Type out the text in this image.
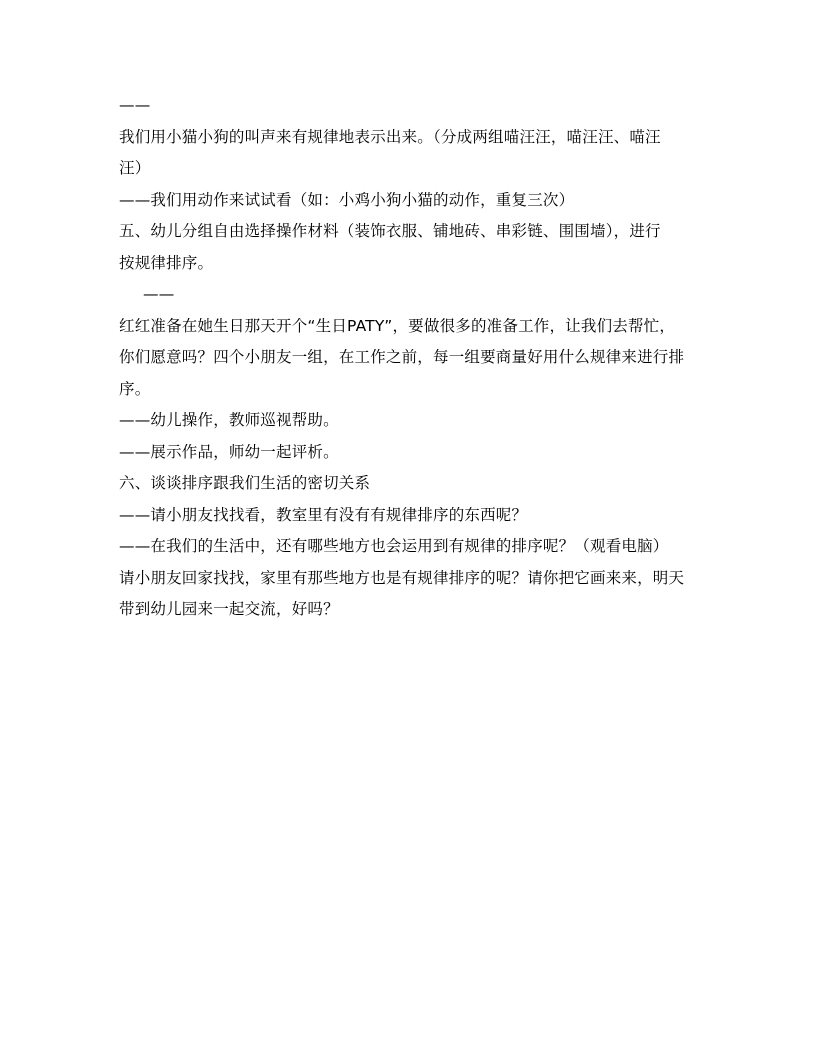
——
我们用小猫小狗的叫声来有规律地表示出来。（分成两组喵汪汪，喵汪汪、喵汪
汪）
——我们用动作来试试看（如：小鸡小狗小猫的动作，重复三次）
五、幼儿分组自由选择操作材料（装饰衣服、铺地砖、串彩链、围围墙），进行
按规律排序。
——
红红准备在她生日那天开个“生日PATY”，要做很多的准备工作，让我们去帮忙，
你们愿意吗？四个小朋友一组，在工作之前，每一组要商量好用什么规律来进行排
序。
——幼儿操作，教师巡视帮助。
——展示作品，师幼一起评析。
六、谈谈排序跟我们生活的密切关系
——请小朋友找找看，教室里有没有有规律排序的东西呢？
——在我们的生活中，还有哪些地方也会运用到有规律的排序呢？（观看电脑）
请小朋友回家找找，家里有那些地方也是有规律排序的呢？请你把它画来来，明天
带到幼儿园来一起交流，好吗？
